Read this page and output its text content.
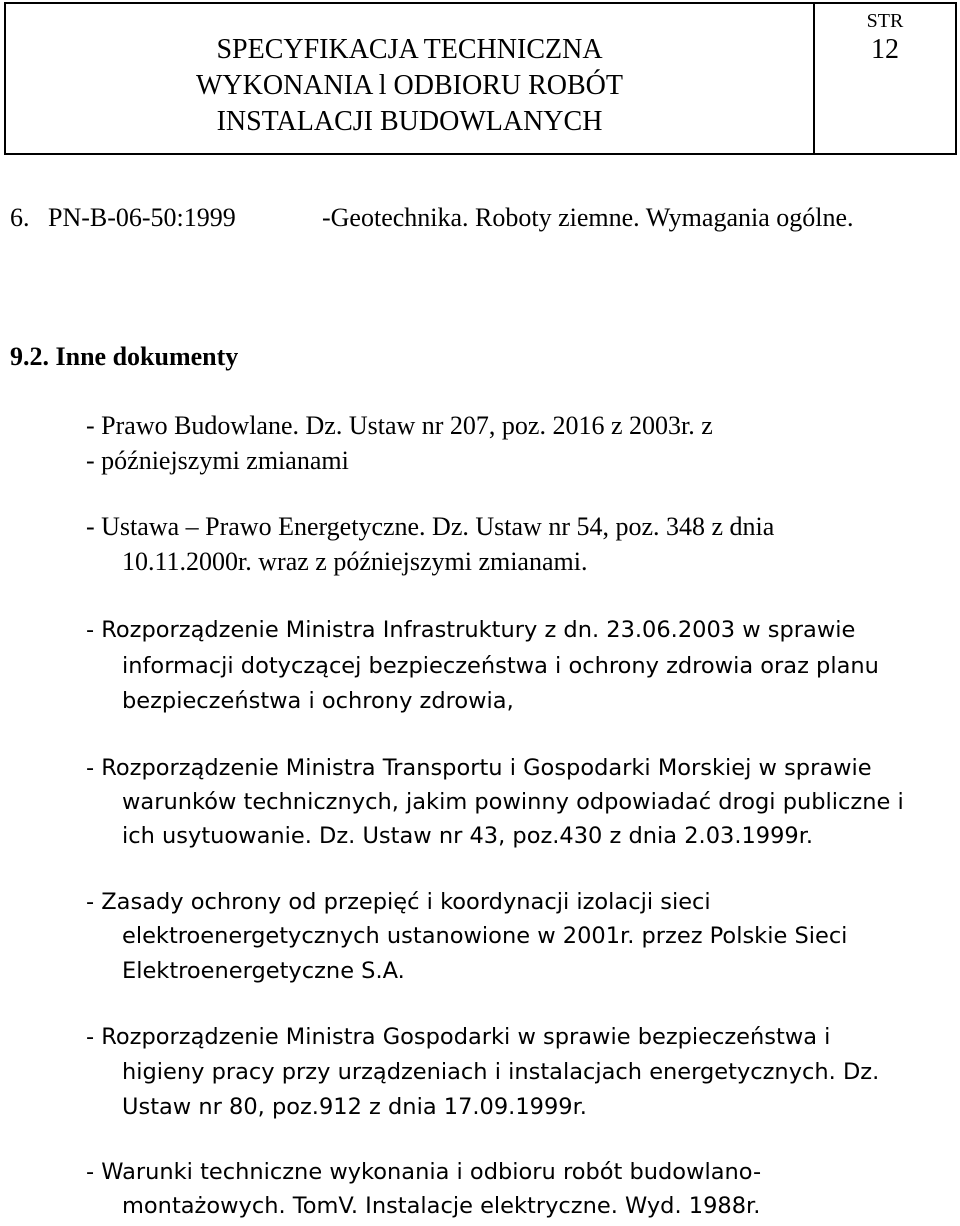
SPECYFIKACJA TECHNICZNA
WYKONANIA l ODBIORU ROBÓT
INSTALACJI BUDOWLANYCH
STR
12
6. PN-B-06-50:1999	-Geotechnika. Roboty ziemne. Wymagania ogólne.
9.2. Inne dokumenty
- Prawo Budowlane. Dz. Ustaw nr 207, poz. 2016 z 2003r. z
- późniejszymi zmianami
- Ustawa – Prawo Energetyczne. Dz. Ustaw nr 54, poz. 348 z dnia
10.11.2000r. wraz z późniejszymi zmianami.
- Rozporządzenie Ministra Infrastruktury z dn. 23.06.2003 w sprawie
informacji dotyczącej bezpieczeństwa i ochrony zdrowia oraz planu
bezpieczeństwa i ochrony zdrowia,
- Rozporządzenie Ministra Transportu i Gospodarki Morskiej w sprawie
warunków technicznych, jakim powinny odpowiadać drogi publiczne i
ich usytuowanie. Dz. Ustaw nr 43, poz.430 z dnia 2.03.1999r.
- Zasady ochrony od przepięć i koordynacji izolacji sieci
elektroenergetycznych ustanowione w 2001r. przez Polskie Sieci
Elektroenergetyczne S.A.
- Rozporządzenie Ministra Gospodarki w sprawie bezpieczeństwa i
higieny pracy przy urządzeniach i instalacjach energetycznych. Dz.
Ustaw nr 80, poz.912 z dnia 17.09.1999r.
- Warunki techniczne wykonania i odbioru robót budowlano-
montażowych. TomV. Instalacje elektryczne. Wyd. 1988r.
